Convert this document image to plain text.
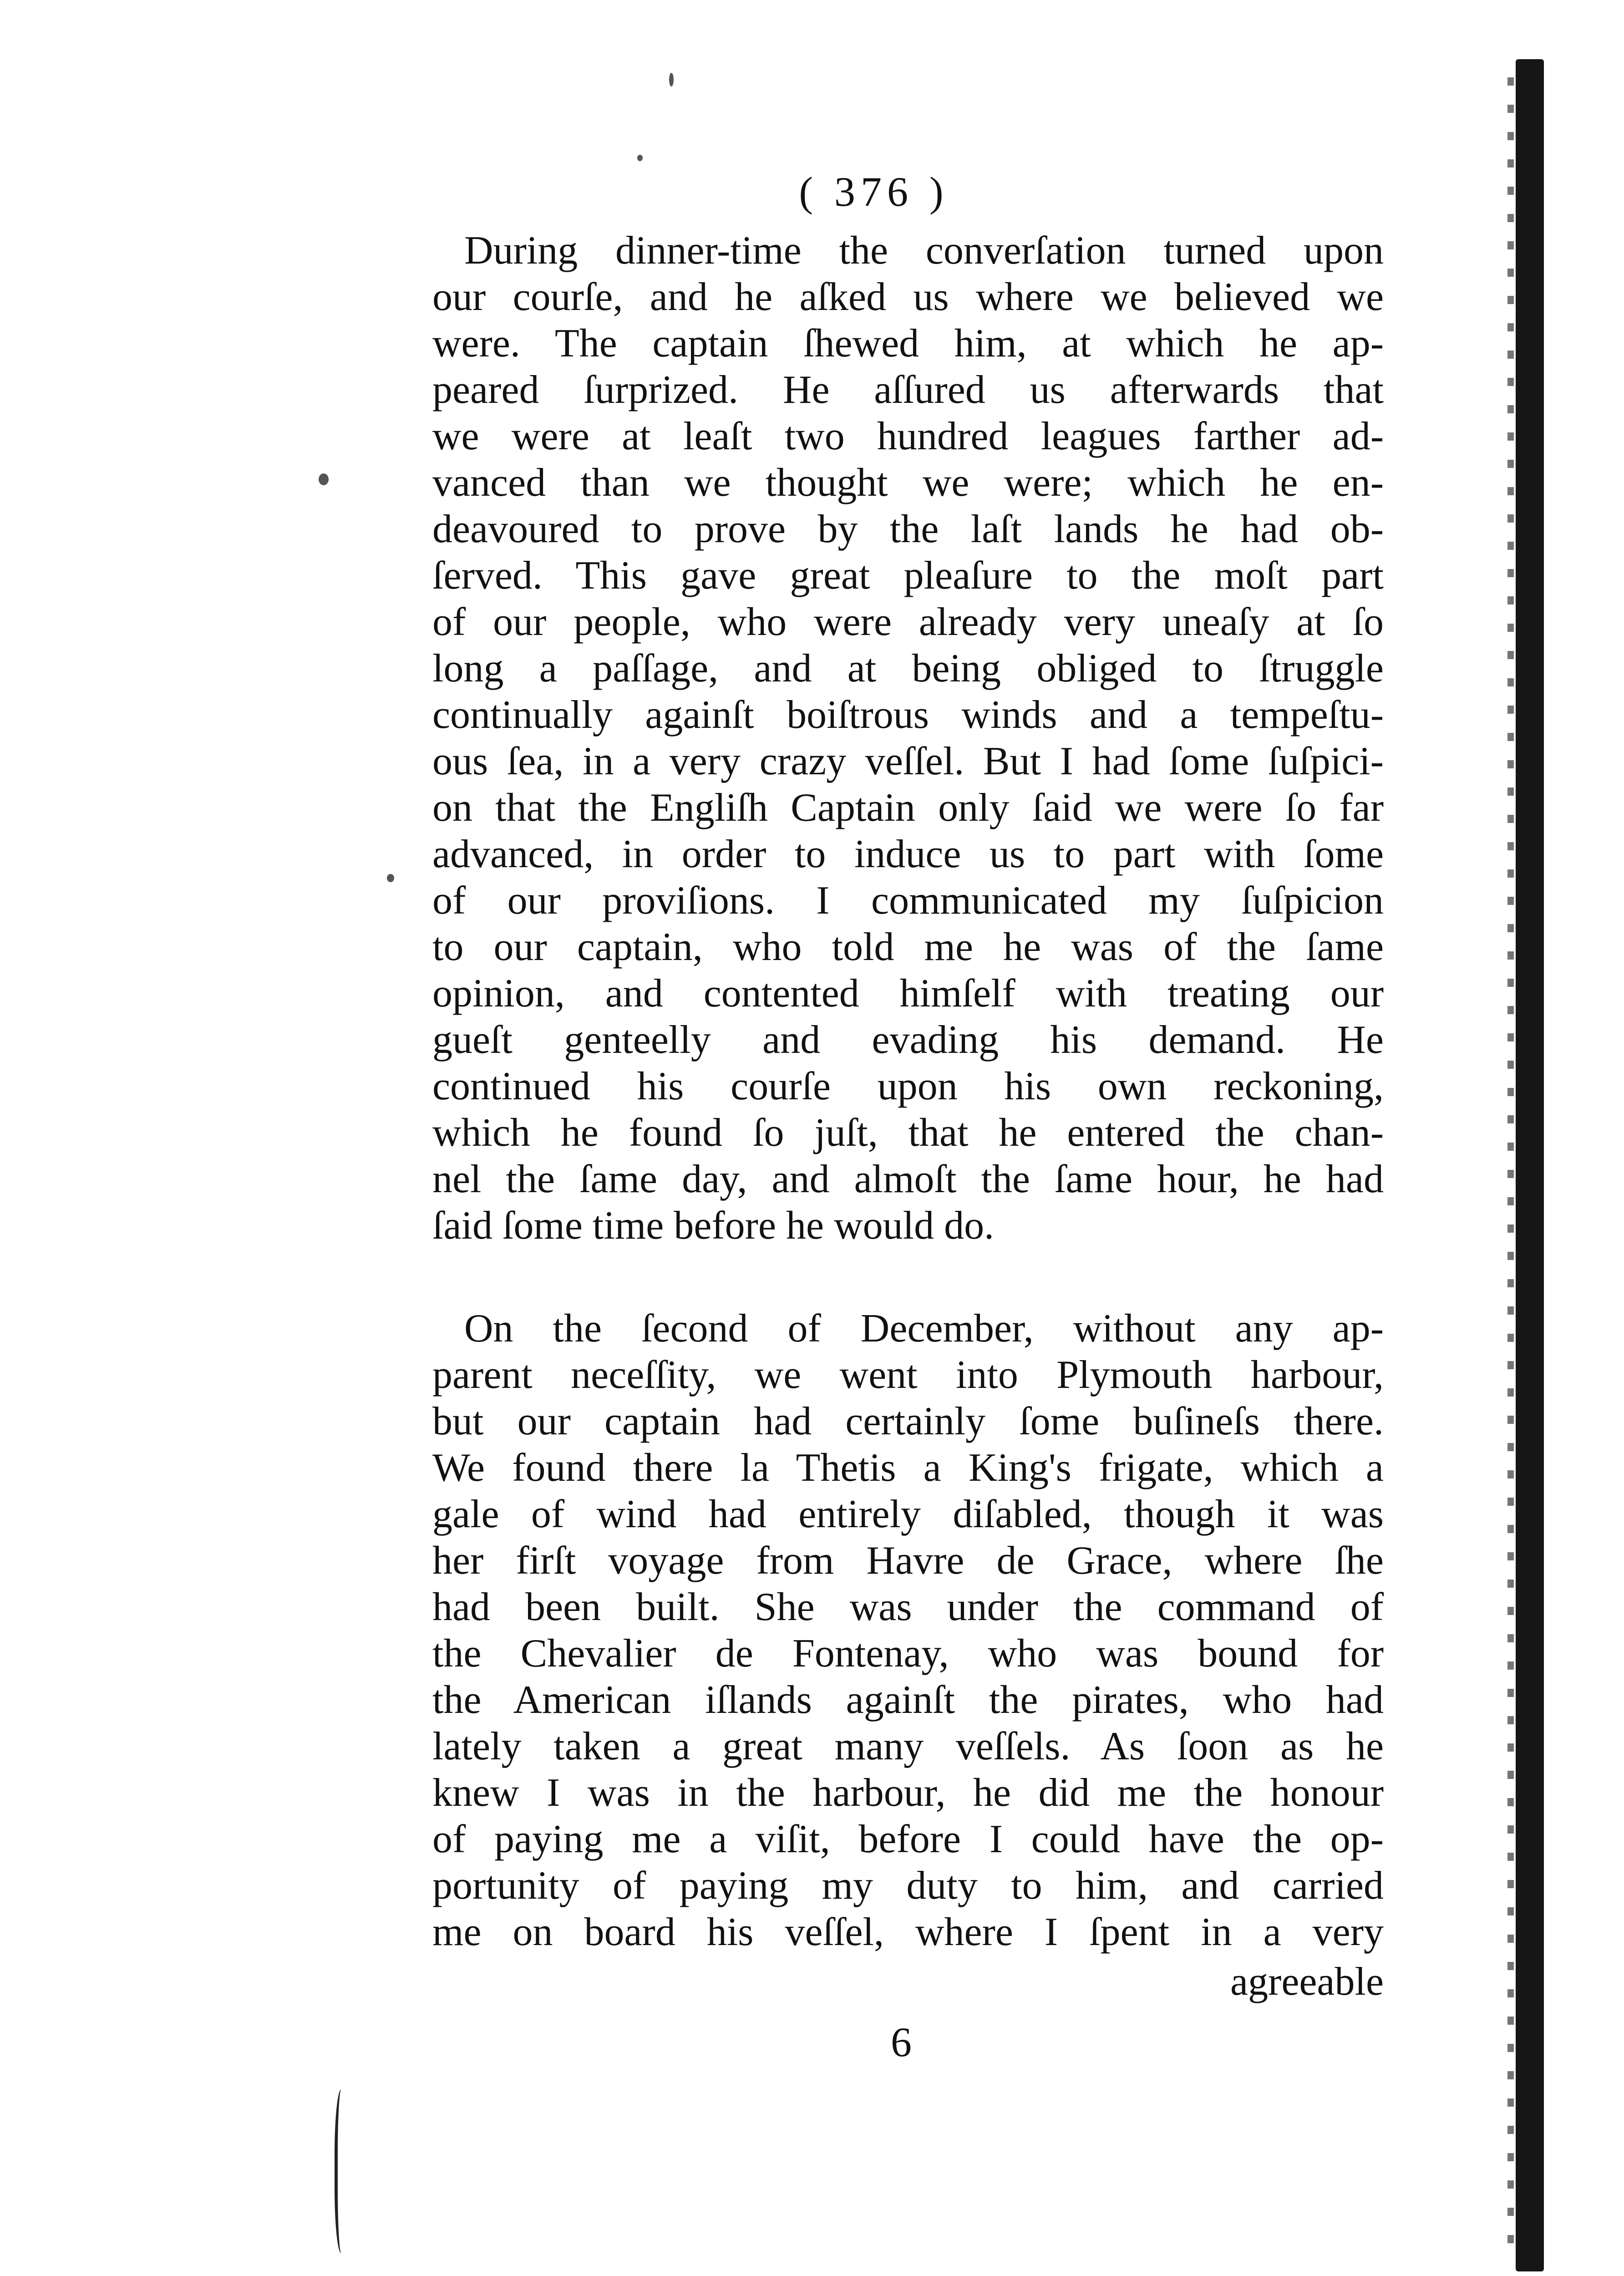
( 376 )
During dinner-time the converſation turned upon
our courſe, and he aſked us where we believed we
were. The captain ſhewed him, at which he ap-
peared ſurprized. He aſſured us afterwards that
we were at leaſt two hundred leagues farther ad-
vanced than we thought we were; which he en-
deavoured to prove by the laſt lands he had ob-
ſerved. This gave great pleaſure to the moſt part
of our people, who were already very uneaſy at ſo
long a paſſage, and at being obliged to ſtruggle
continually againſt boiſtrous winds and a tempeſtu-
ous ſea, in a very crazy veſſel. But I had ſome ſuſpici-
on that the Engliſh Captain only ſaid we were ſo far
advanced, in order to induce us to part with ſome
of our proviſions. I communicated my ſuſpicion
to our captain, who told me he was of the ſame
opinion, and contented himſelf with treating our
gueſt genteelly and evading his demand. He
continued his courſe upon his own reckoning,
which he found ſo juſt, that he entered the chan-
nel the ſame day, and almoſt the ſame hour, he had
ſaid ſome time before he would do.
On the ſecond of December, without any ap-
parent neceſſity, we went into Plymouth harbour,
but our captain had certainly ſome buſineſs there.
We found there la Thetis a King's frigate, which a
gale of wind had entirely diſabled, though it was
her firſt voyage from Havre de Grace, where ſhe
had been built. She was under the command of
the Chevalier de Fontenay, who was bound for
the American iſlands againſt the pirates, who had
lately taken a great many veſſels. As ſoon as he
knew I was in the harbour, he did me the honour
of paying me a viſit, before I could have the op-
portunity of paying my duty to him, and carried
me on board his veſſel, where I ſpent in a very
agreeable
6
